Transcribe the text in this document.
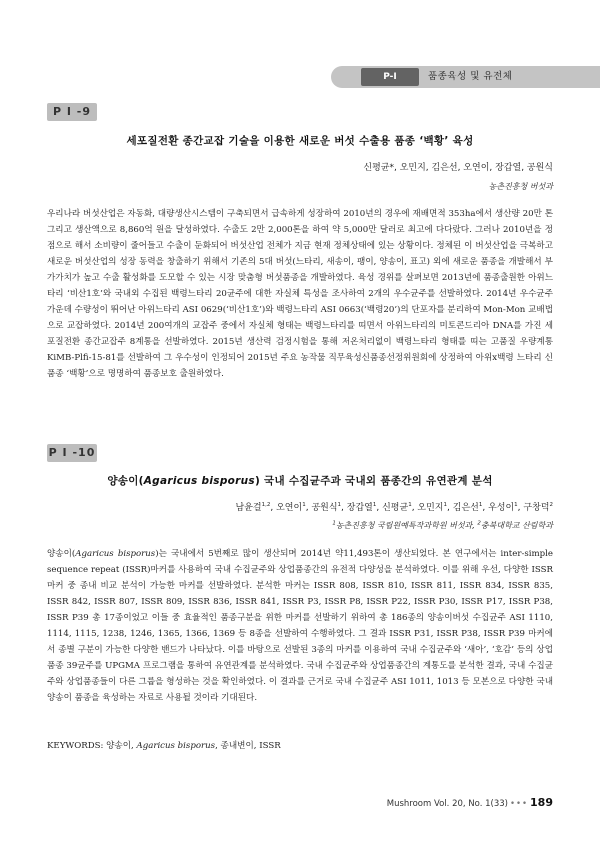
P-I	품종육성 및 유전체
P I -9
세포질전환 종간교잡 기술을 이용한 새로운 버섯 수출용 품종 ‘백황’ 육성
신평균*, 오민지, 김은선, 오연이, 장갑열, 공원식
농촌진흥청 버섯과

우리나라 버섯산업은 자동화, 대량생산시스템이 구축되면서 급속하게 성장하여 2010년의 경우에 재배면적 353ha에서 생산량 20만 톤 그리고 생산액으로 8,860억 원을 달성하였다. 수출도 2만 2,000톤을 하여 약 5,000만 달러로 최고에 다다랐다. 그러나 2010년을 정점으로 해서 소비량이 줄어들고 수출이 둔화되어 버섯산업 전체가 지금 현재 정체상태에 있는 상황이다. 정체된 이 버섯산업을 극복하고 새로운 버섯산업의 성장 동력을 창출하기 위해서 기존의 5대 버섯(느타리, 새송이, 팽이, 양송이, 표고) 외에 새로운 품종을 개발해서 부가가치가 높고 수출 활성화를 도모할 수 있는 시장 맞춤형 버섯품종을 개발하였다. 육성 경위를 살펴보면 2013년에 품종출원한 아위느타리 ‘비산1호’와 국내외 수집된 백령느타리 20균주에 대한 자실체 특성을 조사하여 2개의 우수균주를 선발하였다. 2014년 우수균주 가운데 수량성이 뛰어난 아위느타리 ASI 0629(‘비산1호’)와 백령느타리 ASI 0663(‘백령20’)의 단포자를 분리하여 Mon-Mon 교배법으로 교잡하였다. 2014년 200여개의 교잡주 중에서 자실체 형태는 백령느타리를 띠면서 아위느타리의 미토콘드리아 DNA를 가진 세포질전환 종간교잡주 8계통을 선발하였다. 2015년 생산력 검정시험을 통해 저온처리없이 백령느타리 형태를 띠는 고품질 우량계통 KiMB-Plfi-15-81를 선발하여 그 우수성이 인정되어 2015년 주요 농작물 직무육성신품종선정위원회에 상정하여 아위x백령 느타리 신품종 ‘백황’으로 명명하여 품종보호 출원하였다.

P I -10
양송이(Agaricus bisporus) 국내 수집균주과 국내외 품종간의 유연관계 분석
남윤걸$^{1,2}$, 오연이$^1$, 공원식$^1$, 장갑열$^1$, 신평균$^1$, 오민지$^1$, 김은선$^1$, 우성이$^1$, 구창덕$^2$
$^1$농촌진흥청 국립원예특작과학원 버섯과, $^2$충북대학교 산림학과

양송이(Agaricus bisporus)는 국내에서 5번째로 많이 생산되며 2014년 약11,493톤이 생산되었다. 본 연구에서는 inter-simple sequence repeat (ISSR)마커를 사용하여 국내 수집균주와 상업품종간의 유전적 다양성을 분석하였다. 이를 위해 우선, 다양한 ISSR마커 중 종내 비교 분석이 가능한 마커를 선발하였다. 분석한 마커는 ISSR 808, ISSR 810, ISSR 811, ISSR 834, ISSR 835, ISSR 842, ISSR 807, ISSR 809, ISSR 836, ISSR 841, ISSR P3, ISSR P8, ISSR P22, ISSR P30, ISSR P17, ISSR P38, ISSR P39 총 17종이었고 이들 중 효율적인 품종구분을 위한 마커를 선발하기 위하여 총 186종의 양송이버섯 수집균주 ASI 1110, 1114, 1115, 1238, 1246, 1365, 1366, 1369 등 8종을 선발하여 수행하였다. 그 결과 ISSR P31, ISSR P38, ISSR P39 마커에서 종별 구분이 가능한 다양한 밴드가 나타났다. 이를 바탕으로 선발된 3종의 마커를 이용하여 국내 수집균주와 ‘새아’, ‘호감’ 등의 상업품종 39균주를 UPGMA 프로그램을 통하여 유연관계를 분석하였다. 국내 수집균주와 상업품종간의 계통도를 분석한 결과, 국내 수집균주와 상업품종들이 다른 그룹을 형성하는 것을 확인하였다. 이 결과를 근거로 국내 수집균주 ASI 1011, 1013 등 모본으로 다양한 국내 양송이 품종을 육성하는 자료로 사용될 것이라 기대된다.

KEYWORDS: 양송이, Agaricus bisporus, 종내변이, ISSR

Mushroom Vol. 20, No. 1(33) ••• 189
